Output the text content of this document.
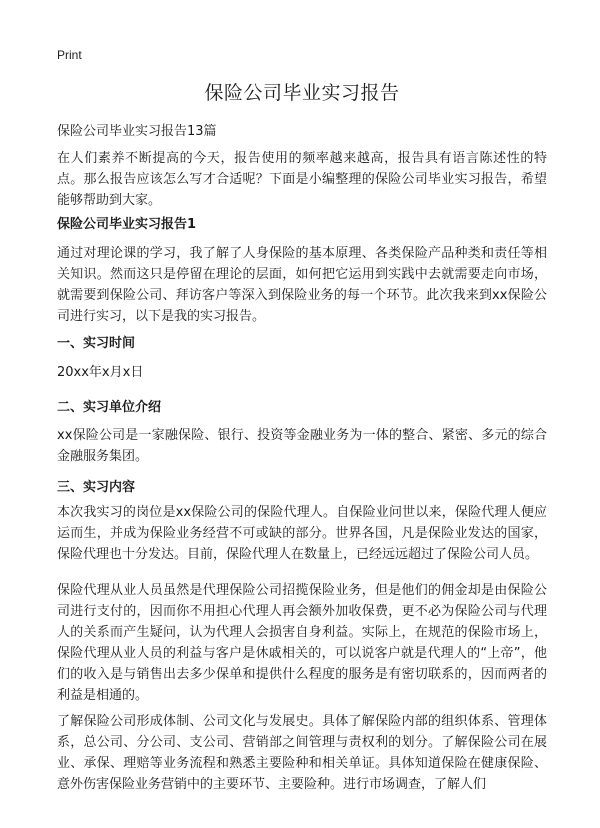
Print
保险公司毕业实习报告
保险公司毕业实习报告13篇

在人们素养不断提高的今天，报告使用的频率越来越高，报告具有语言陈述性的特点。那么报告应该怎么写才合适呢？下面是小编整理的保险公司毕业实习报告，希望能够帮助到大家。

保险公司毕业实习报告1

通过对理论课的学习，我了解了人身保险的基本原理、各类保险产品种类和责任等相关知识。然而这只是停留在理论的层面，如何把它运用到实践中去就需要走向市场，就需要到保险公司、拜访客户等深入到保险业务的每一个环节。此次我来到xx保险公司进行实习，以下是我的实习报告。

一、实习时间

20xx年x月x日

二、实习单位介绍

xx保险公司是一家融保险、银行、投资等金融业务为一体的整合、紧密、多元的综合金融服务集团。

三、实习内容

本次我实习的岗位是xx保险公司的保险代理人。自保险业问世以来，保险代理人便应运而生，并成为保险业务经营不可或缺的部分。世界各国，凡是保险业发达的国家，保险代理也十分发达。目前，保险代理人在数量上，已经远远超过了保险公司人员。

保险代理从业人员虽然是代理保险公司招揽保险业务，但是他们的佣金却是由保险公司进行支付的，因而你不用担心代理人再会额外加收保费，更不必为保险公司与代理人的关系而产生疑问，认为代理人会损害自身利益。实际上，在规范的保险市场上，保险代理从业人员的利益与客户是休戚相关的，可以说客户就是代理人的“上帝”，他们的收入是与销售出去多少保单和提供什么程度的服务是有密切联系的，因而两者的利益是相通的。

了解保险公司形成体制、公司文化与发展史。具体了解保险内部的组织体系、管理体系，总公司、分公司、支公司、营销部之间管理与责权利的划分。了解保险公司在展业、承保、理赔等业务流程和熟悉主要险种和相关单证。具体知道保险在健康保险、意外伤害保险业务营销中的主要环节、主要险种。进行市场调查，了解人们
